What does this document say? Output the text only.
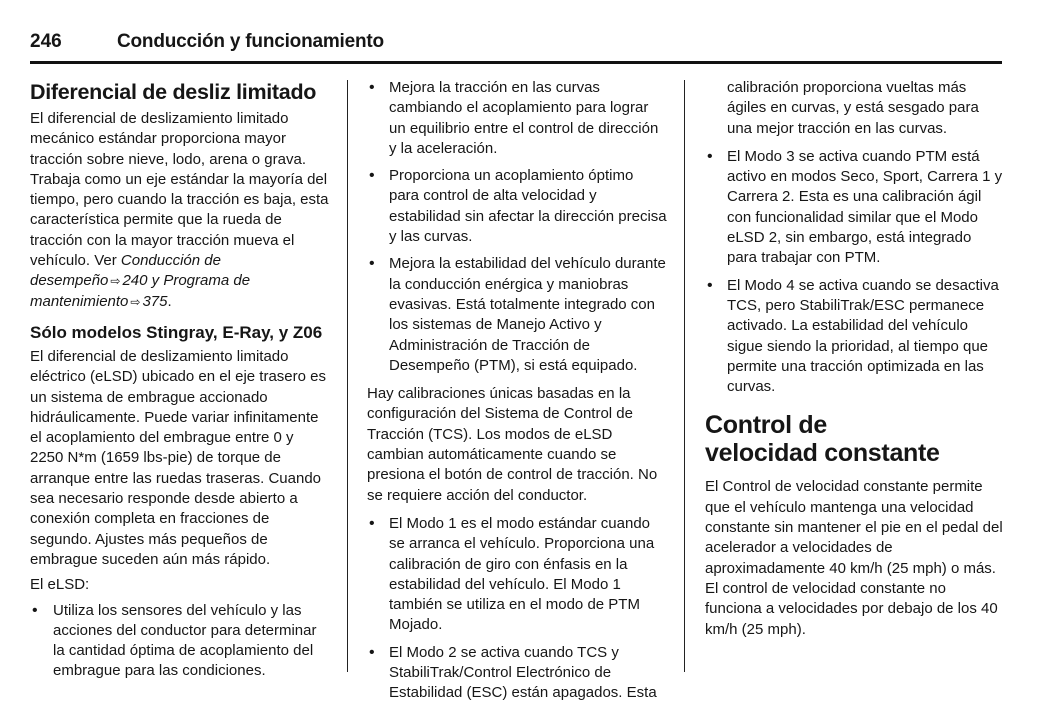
246	Conducción y funcionamiento
Diferencial de desliz limitado

El diferencial de deslizamiento limitado mecánico estándar proporciona mayor tracción sobre nieve, lodo, arena o grava. Trabaja como un eje estándar la mayoría del tiempo, pero cuando la tracción es baja, esta característica permite que la rueda de tracción con la mayor tracción mueva el vehículo. Ver Conducción de desempeño ⇨ 240 y Programa de mantenimiento ⇨ 375.

Sólo modelos Stingray, E-Ray, y Z06

El diferencial de deslizamiento limitado eléctrico (eLSD) ubicado en el eje trasero es un sistema de embrague accionado hidráulicamente. Puede variar infinitamente el acoplamiento del embrague entre 0 y 2250 N*m (1659 lbs-pie) de torque de arranque entre las ruedas traseras. Cuando sea necesario responde desde abierto a conexión completa en fracciones de segundo. Ajustes más pequeños de embrague suceden aún más rápido.

El eLSD:

• Utiliza los sensores del vehículo y las acciones del conductor para determinar la cantidad óptima de acoplamiento del embrague para las condiciones.
• Mejora la tracción en las curvas cambiando el acoplamiento para lograr un equilibrio entre el control de dirección y la aceleración.
• Proporciona un acoplamiento óptimo para control de alta velocidad y estabilidad sin afectar la dirección precisa y las curvas.
• Mejora la estabilidad del vehículo durante la conducción enérgica y maniobras evasivas. Está totalmente integrado con los sistemas de Manejo Activo y Administración de Tracción de Desempeño (PTM), si está equipado.

Hay calibraciones únicas basadas en la configuración del Sistema de Control de Tracción (TCS). Los modos de eLSD cambian automáticamente cuando se presiona el botón de control de tracción. No se requiere acción del conductor.

• El Modo 1 es el modo estándar cuando se arranca el vehículo. Proporciona una calibración de giro con énfasis en la estabilidad del vehículo. El Modo 1 también se utiliza en el modo de PTM Mojado.
• El Modo 2 se activa cuando TCS y StabiliTrak/Control Electrónico de Estabilidad (ESC) están apagados. Esta

calibración proporciona vueltas más ágiles en curvas, y está sesgado para una mejor tracción en las curvas.

• El Modo 3 se activa cuando PTM está activo en modos Seco, Sport, Carrera 1 y Carrera 2. Esta es una calibración ágil con funcionalidad similar que el Modo eLSD 2, sin embargo, está integrado para trabajar con PTM.
• El Modo 4 se activa cuando se desactiva TCS, pero StabiliTrak/ESC permanece activado. La estabilidad del vehículo sigue siendo la prioridad, al tiempo que permite una tracción optimizada en las curvas.
Control de
velocidad constante

El Control de velocidad constante permite que el vehículo mantenga una velocidad constante sin mantener el pie en el pedal del acelerador a velocidades de aproximadamente 40 km/h (25 mph) o más. El control de velocidad constante no funciona a velocidades por debajo de los 40 km/h (25 mph).
